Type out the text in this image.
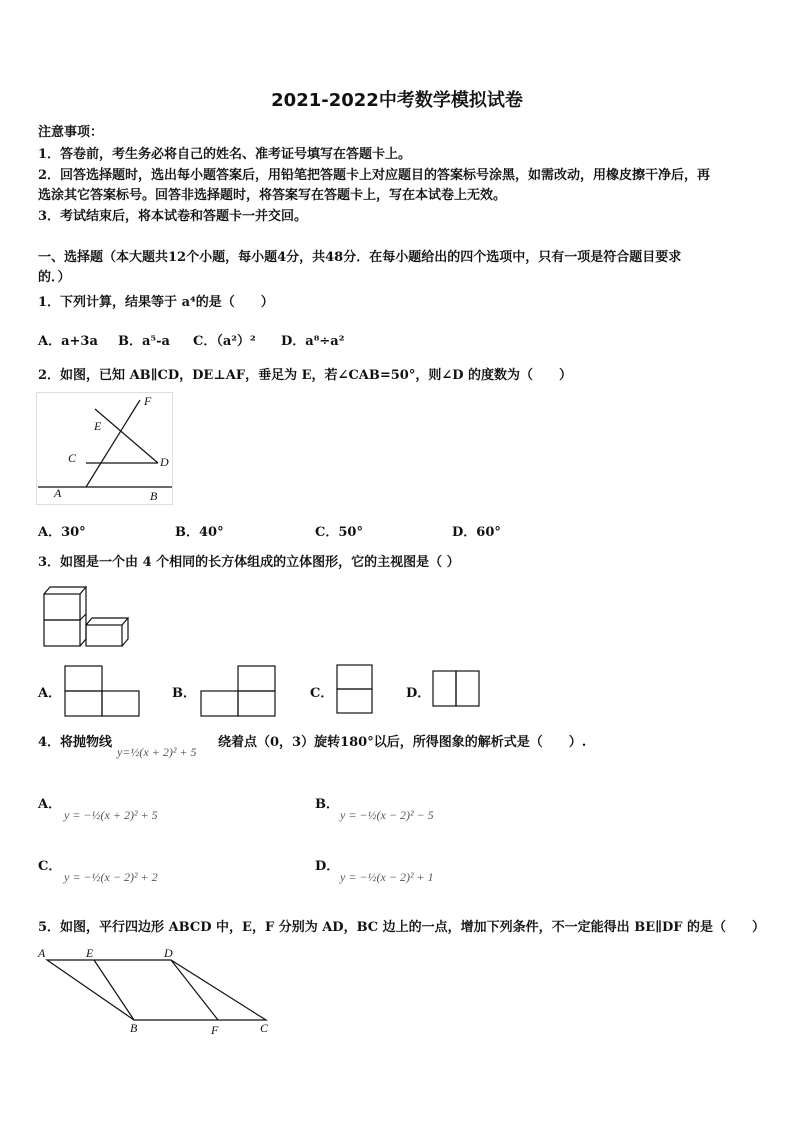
2021-2022中考数学模拟试卷
注意事项：
1．答卷前，考生务必将自己的姓名、准考证号填写在答题卡上。
2．回答选择题时，选出每小题答案后，用铅笔把答题卡上对应题目的答案标号涂黑，如需改动，用橡皮擦干净后，再
选涂其它答案标号。回答非选择题时，将答案写在答题卡上，写在本试卷上无效。
3．考试结束后，将本试卷和答题卡一并交回。
一、选择题（本大题共12个小题，每小题4分，共48分．在每小题给出的四个选项中，只有一项是符合题目要求
的．）
1．下列计算，结果等于 a⁴的是（　　）
A．a+3a B．a⁵-a C．（a²）² D．a⁸÷a²
2．如图，已知 AB∥CD，DE⊥AF，垂足为 E，若∠CAB=50°，则∠D 的度数为（　　）
F
E
C	D
A	B
A．30°	B．40°	C．50°	D．60°
3．如图是一个由 4 个相同的长方体组成的立体图形，它的主视图是（ ）
A．	B．	C．	D．
4．将抛物线
y=½(x + 2)² + 5
绕着点（0，3）旋转180°以后，所得图象的解析式是（　　）.
A．
y = −½(x + 2)² + 5
B．
y = −½(x − 2)² − 5
C．
y = −½(x − 2)² + 2
D．
y = −½(x − 2)² + 1
5．如图，平行四边形 ABCD 中，E，F 分别为 AD，BC 边上的一点，增加下列条件，不一定能得出 BE∥DF 的是（　　）
A	E	D
B	F	C
